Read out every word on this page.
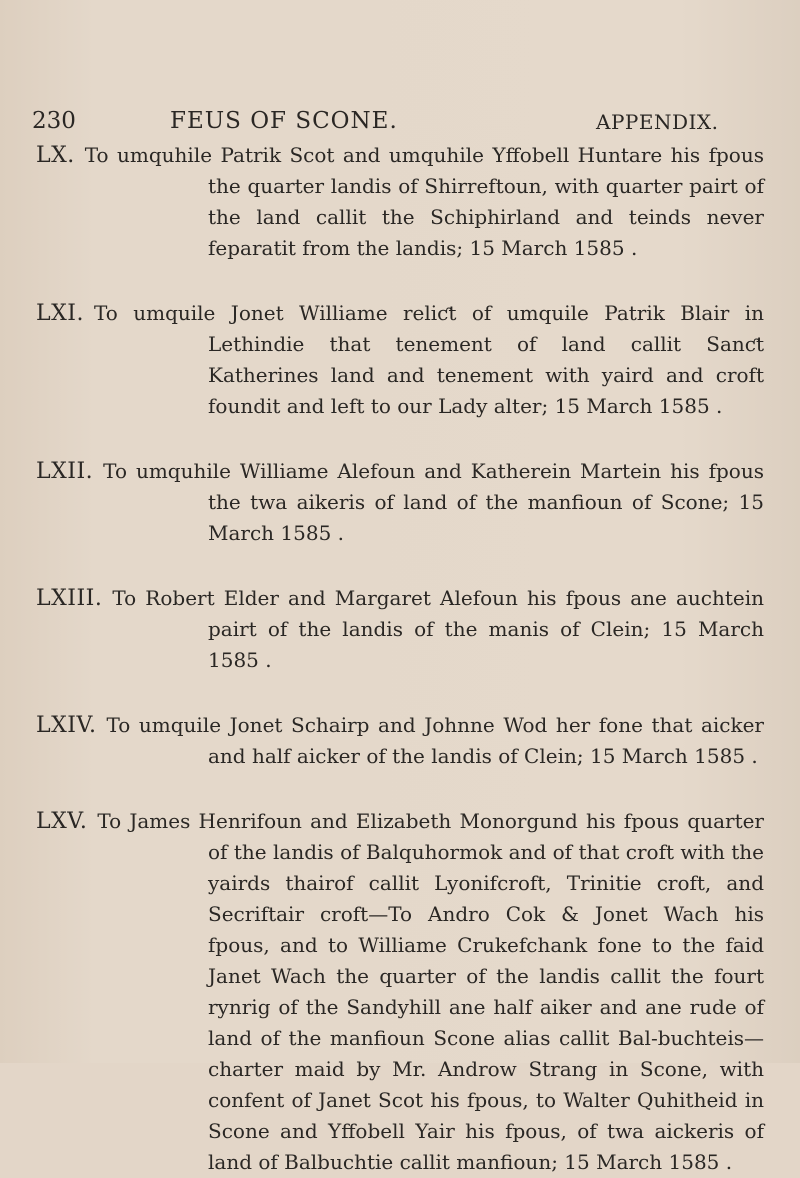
230	FEUS OF SCONE.	APPENDIX.
LX. To umquhile Patrik Scot and umquhile Yffobell Huntare his fpous the quarter landis of Shirreftoun, with quarter pairt of the land callit the Schiphirland and teinds never feparatit from the landis; 15 March 1585 .
LXI. To umquile Jonet Williame reliƈt of umquile Patrik Blair in Lethindie that tenement of land callit Sanƈt Katherines land and tenement with yaird and croft foundit and left to our Lady alter; 15 March 1585 .
LXII. To umquhile Williame Alefoun and Katherein Martein his fpous the twa aikeris of land of the manfioun of Scone; 15 March 1585 .
LXIII. To Robert Elder and Margaret Alefoun his fpous ane auchtein pairt of the landis of the manis of Clein; 15 March 1585 .
LXIV. To umquile Jonet Schairp and Johnne Wod her fone that aicker and half aicker of the landis of Clein; 15 March 1585 .
LXV. To James Henrifoun and Elizabeth Monorgund his fpous quarter of the landis of Balquhormok and of that croft with the yairds thairof callit Lyonifcroft, Trinitie croft, and Secriftair croft—To Andro Cok & Jonet Wach his fpous, and to Williame Crukefchank fone to the faid Janet Wach the quarter of the landis callit the fourt rynrig of the Sandyhill ane half aiker and ane rude of land of the manfioun Scone alias callit Bal-buchteis—charter maid by Mr. Androw Strang in Scone, with confent of Janet Scot his fpous, to Walter Quhitheid in Scone and Yffobell Yair his fpous, of twa aickeris of land of Balbuchtie callit manfioun; 15 March 1585 .
